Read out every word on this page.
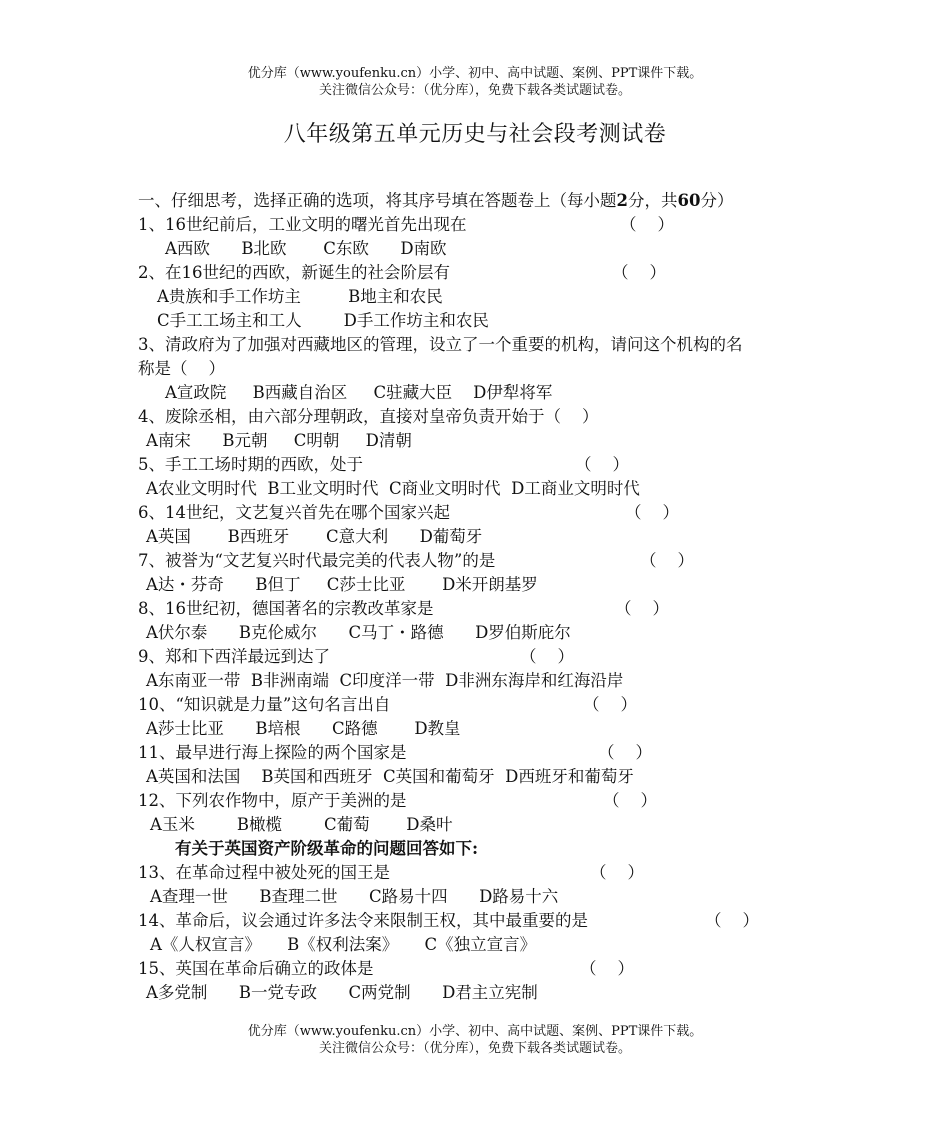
优分库（www.youfenku.cn）小学、初中、高中试题、案例、PPT课件下载。
关注微信公众号：（优分库），免费下载各类试题试卷。
八年级第五单元历史与社会段考测试卷
一、仔细思考，选择正确的选项，将其序号填在答题卷上（每小题2分，共60分）
1、16世纪前后，工业文明的曙光首先出现在	（    ）
A西欧      B北欧       C东欧      D南欧
2、在16世纪的西欧，新诞生的社会阶层有	（    ）
A贵族和手工作坊主         B地主和农民
C手工工场主和工人        D手工作坊主和农民
3、清政府为了加强对西藏地区的管理，设立了一个重要的机构，请问这个机构的名
称是（    ）
A宣政院     B西藏自治区     C驻藏大臣    D伊犁将军
4、废除丞相，由六部分理朝政，直接对皇帝负责开始于（    ）
A南宋      B元朝     C明朝     D清朝
5、手工工场时期的西欧，处于	（    ）
A农业文明时代  B工业文明时代  C商业文明时代  D工商业文明时代
6、14世纪，文艺复兴首先在哪个国家兴起	（    ）
A英国       B西班牙       C意大利      D葡萄牙
7、被誉为“文艺复兴时代最完美的代表人物”的是	（    ）
A达・芬奇      B但丁     C莎士比亚       D米开朗基罗
8、16世纪初，德国著名的宗教改革家是	（    ）
A伏尔泰      B克伦威尔      C马丁・路德      D罗伯斯庇尔
9、郑和下西洋最远到达了	（    ）
A东南亚一带  B非洲南端  C印度洋一带  D非洲东海岸和红海沿岸
10、“知识就是力量”这句名言出自	（    ）
A莎士比亚      B培根      C路德       D教皇
11、最早进行海上探险的两个国家是	（    ）
A英国和法国    B英国和西班牙  C英国和葡萄牙  D西班牙和葡萄牙
12、下列农作物中，原产于美洲的是	（    ）
A玉米        B橄榄        C葡萄       D桑叶
有关于英国资产阶级革命的问题回答如下:
13、在革命过程中被处死的国王是	（    ）
A查理一世      B查理二世      C路易十四      D路易十六
14、革命后，议会通过许多法令来限制王权，其中最重要的是	（    ）
A《人权宣言》     B《权利法案》     C《独立宣言》
15、英国在革命后确立的政体是	（    ）
A多党制      B一党专政      C两党制      D君主立宪制
优分库（www.youfenku.cn）小学、初中、高中试题、案例、PPT课件下载。
关注微信公众号：（优分库），免费下载各类试题试卷。
